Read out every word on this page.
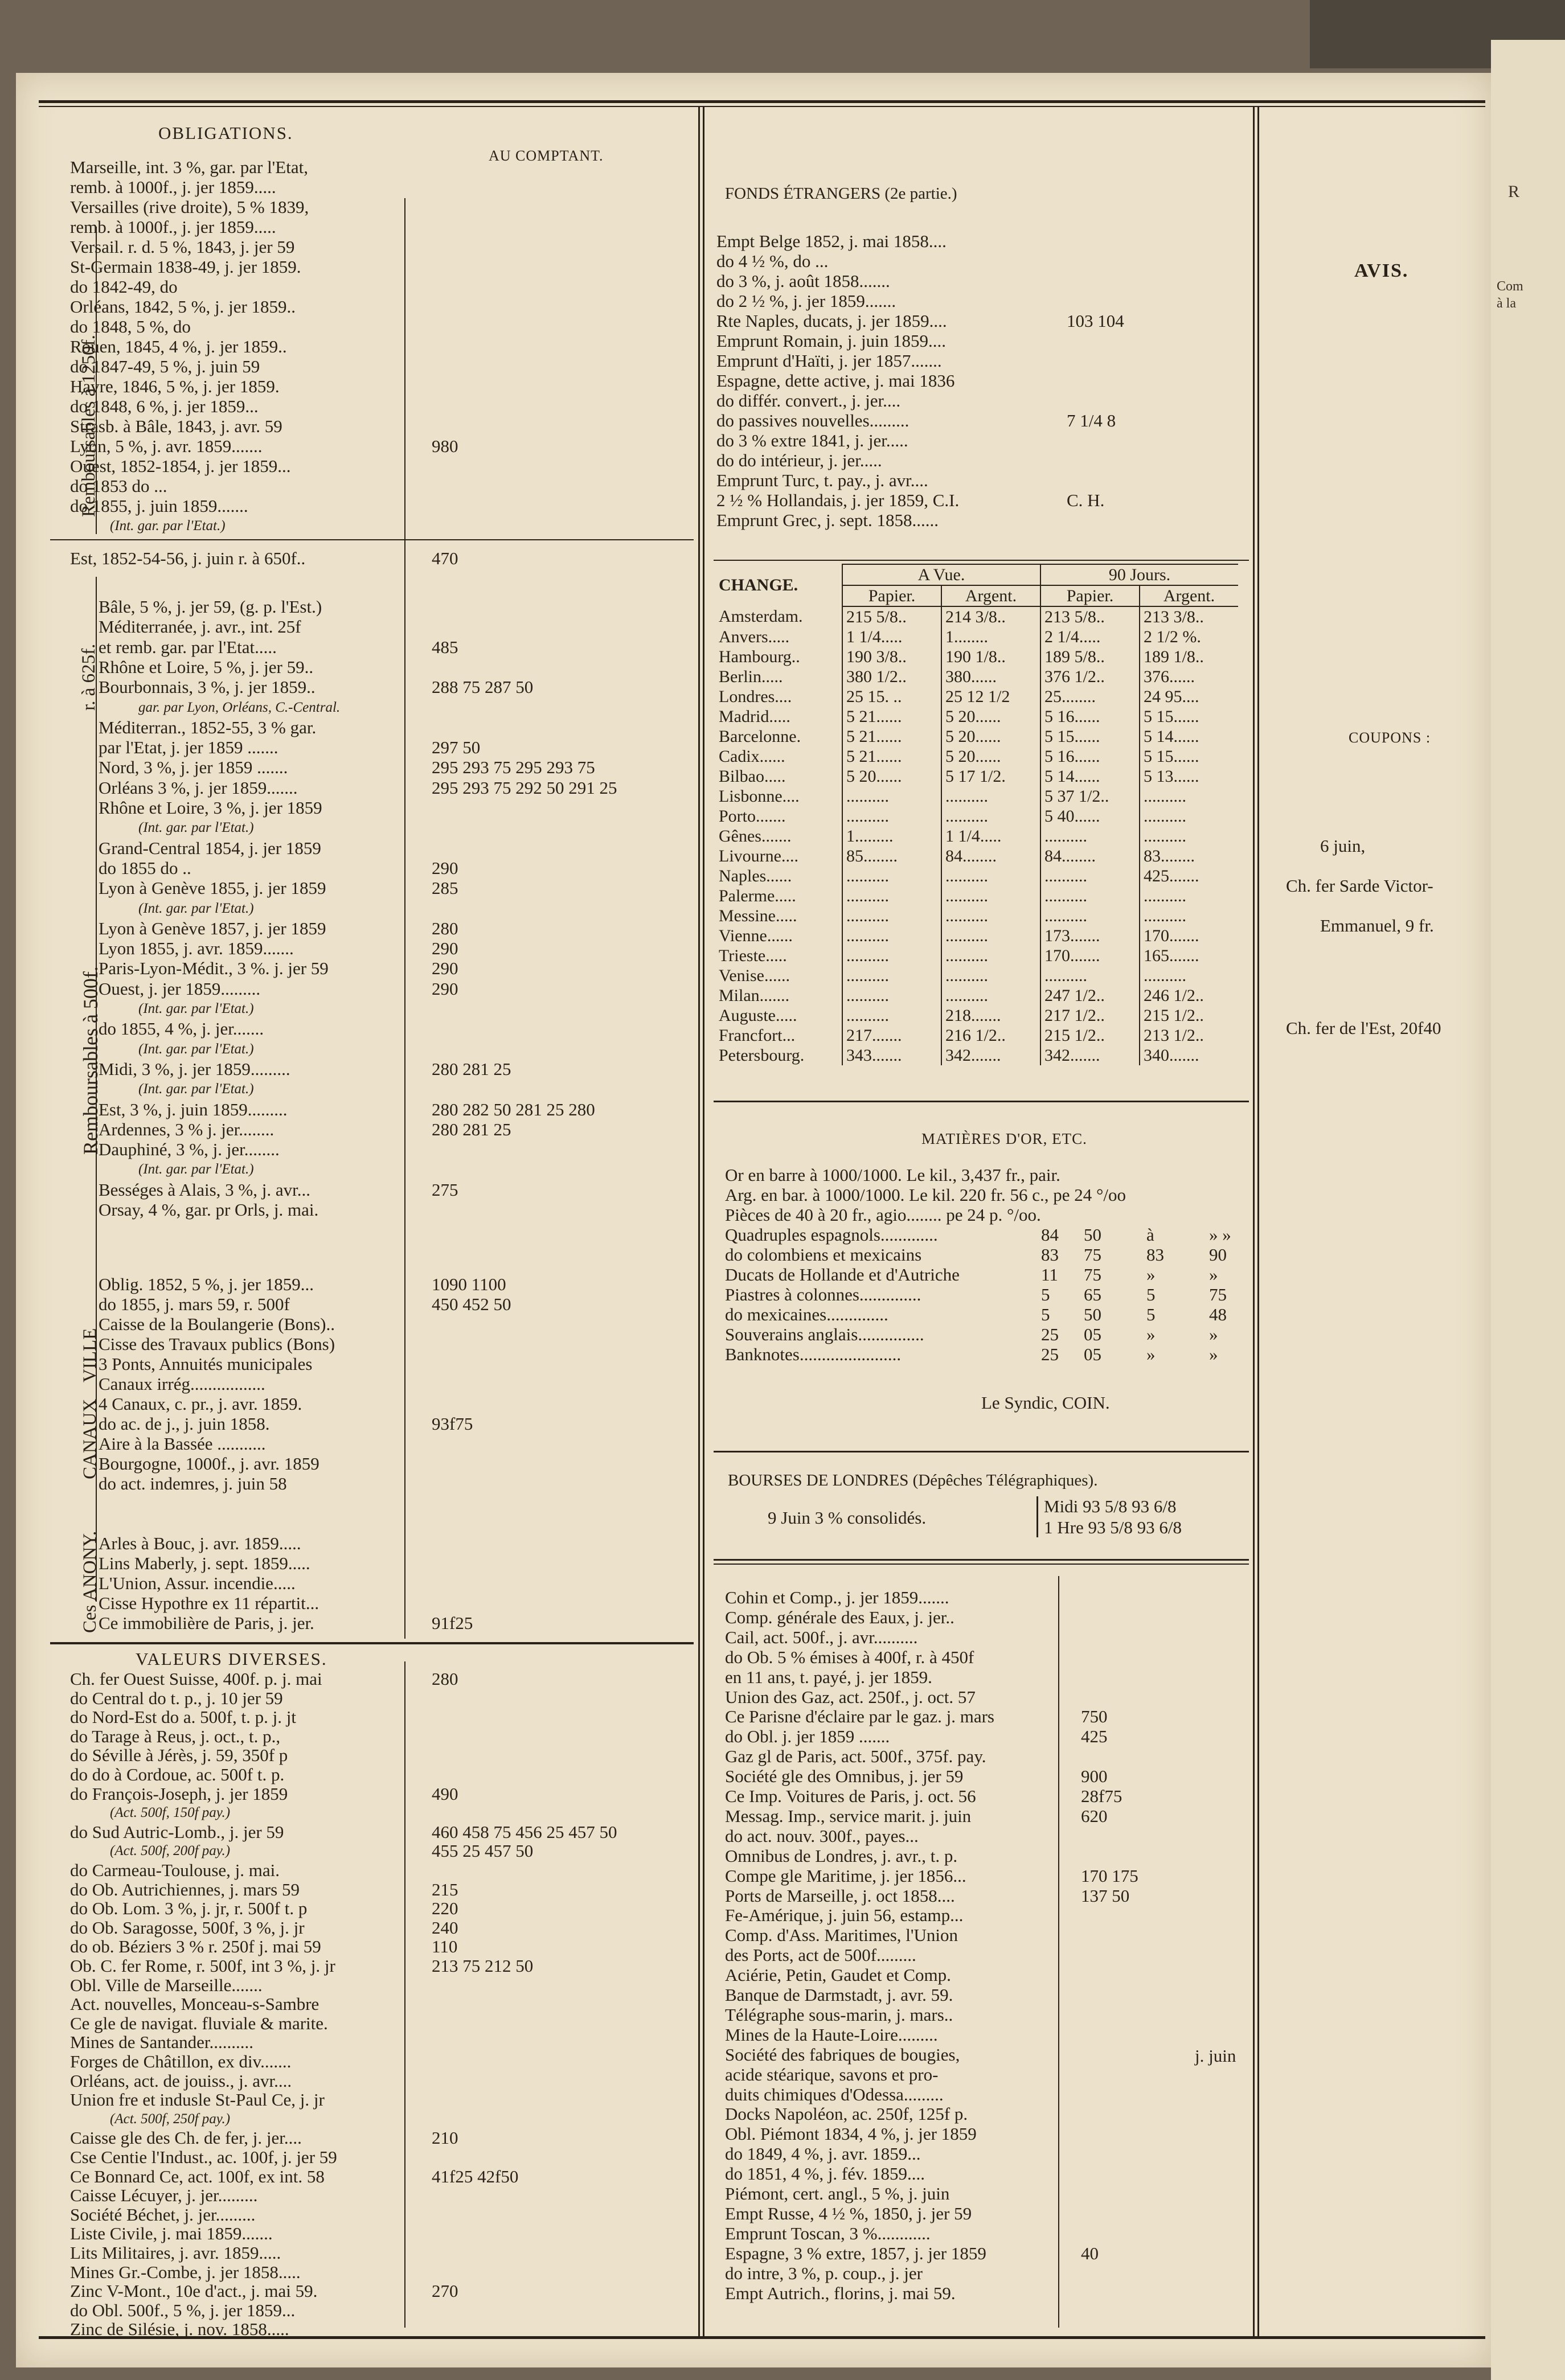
R
Com
à la
OBLIGATIONS.
AU COMPTANT.
Remboursables à 1250f.
Marseille, int. 3 %, gar. par l'Etat,
remb. à 1000f., j. jer 1859.....
Versailles (rive droite), 5 % 1839,
remb. à 1000f., j. jer 1859.....
Versail. r. d. 5 %, 1843, j. jer 59
St-Germain 1838-49, j. jer 1859.
do 1842-49, do
Orléans, 1842, 5 %, j. jer 1859..
do 1848, 5 %, do
Rouen, 1845, 4 %, j. jer 1859..
do 1847-49, 5 %, j. juin 59
Havre, 1846, 5 %, j. jer 1859.
do 1848, 6 %, j. jer 1859...
Strasb. à Bâle, 1843, j. avr. 59
Lyon, 5 %, j. avr. 1859.......	980
Ouest, 1852-1854, j. jer 1859...
do 1853 do ...
do 1855, j. juin 1859.......
(Int. gar. par l'Etat.)
Est, 1852-54-56, j. juin r. à 650f..	470
r. à 625f.
Remboursables à 500f.
Bâle, 5 %, j. jer 59, (g. p. l'Est.)
Méditerranée, j. avr., int. 25f
et remb. gar. par l'Etat.....	485
Rhône et Loire, 5 %, j. jer 59..
Bourbonnais, 3 %, j. jer 1859..	288 75 287 50
gar. par Lyon, Orléans, C.-Central.
Méditerran., 1852-55, 3 % gar.
par l'Etat, j. jer 1859 .......	297 50
Nord, 3 %, j. jer 1859 .......	295 293 75 295 293 75
Orléans 3 %, j. jer 1859.......	295 293 75 292 50 291 25
Rhône et Loire, 3 %, j. jer 1859
(Int. gar. par l'Etat.)
Grand-Central 1854, j. jer 1859
do 1855 do ..	290
Lyon à Genève 1855, j. jer 1859	285
(Int. gar. par l'Etat.)
Lyon à Genève 1857, j. jer 1859	280
Lyon 1855, j. avr. 1859.......	290
Paris-Lyon-Médit., 3 %. j. jer 59	290
Ouest, j. jer 1859.........	290
(Int. gar. par l'Etat.)
do 1855, 4 %, j. jer.......
(Int. gar. par l'Etat.)
Midi, 3 %, j. jer 1859.........	280 281 25
(Int. gar. par l'Etat.)
Est, 3 %, j. juin 1859.........	280 282 50 281 25 280
Ardennes, 3 % j. jer........	280 281 25
Dauphiné, 3 %, j. jer........
(Int. gar. par l'Etat.)
Bességes à Alais, 3 %, j. avr...	275
Orsay, 4 %, gar. pr Orls, j. mai.
VILLE
Oblig. 1852, 5 %, j. jer 1859...	1090 1100
do 1855, j. mars 59, r. 500f	450 452 50
Caisse de la Boulangerie (Bons)..
Cisse des Travaux publics (Bons)
3 Ponts, Annuités municipales
CANAUX
Canaux irrég.................
4 Canaux, c. pr., j. avr. 1859.
do ac. de j., j. juin 1858.	93f75
Aire à la Bassée ...........
Bourgogne, 1000f., j. avr. 1859
do act. indemres, j. juin 58
Ces ANONY.
Arles à Bouc, j. avr. 1859.....
Lins Maberly, j. sept. 1859.....
L'Union, Assur. incendie.....
Cisse Hypothre ex 11 répartit...
Ce immobilière de Paris, j. jer.	91f25
VALEURS DIVERSES.
Ch. fer Ouest Suisse, 400f. p. j. mai	280
do Central do t. p., j. 10 jer 59
do Nord-Est do a. 500f, t. p. j. jt
do Tarage à Reus, j. oct., t. p.,
do Séville à Jérès, j. 59, 350f p
do do à Cordoue, ac. 500f t. p.
do François-Joseph, j. jer 1859	490
(Act. 500f, 150f pay.)
do Sud Autric-Lomb., j. jer 59	460 458 75 456 25 457 50
(Act. 500f, 200f pay.)	455 25 457 50
do Carmeau-Toulouse, j. mai.
do Ob. Autrichiennes, j. mars 59	215
do Ob. Lom. 3 %, j. jr, r. 500f t. p	220
do Ob. Saragosse, 500f, 3 %, j. jr	240
do ob. Béziers 3 % r. 250f j. mai 59	110
Ob. C. fer Rome, r. 500f, int 3 %, j. jr	213 75 212 50
Obl. Ville de Marseille.......
Act. nouvelles, Monceau-s-Sambre
Ce gle de navigat. fluviale & marite.
Mines de Santander..........
Forges de Châtillon, ex div.......
Orléans, act. de jouiss., j. avr....
Union fre et indusle St-Paul Ce, j. jr
(Act. 500f, 250f pay.)
Caisse gle des Ch. de fer, j. jer....	210
Cse Centie l'Indust., ac. 100f, j. jer 59
Ce Bonnard Ce, act. 100f, ex int. 58	41f25 42f50
Caisse Lécuyer, j. jer.........
Société Béchet, j. jer.........
Liste Civile, j. mai 1859.......
Lits Militaires, j. avr. 1859.....
Mines Gr.-Combe, j. jer 1858.....
Zinc V-Mont., 10e d'act., j. mai 59.	270
do Obl. 500f., 5 %, j. jer 1859...
Zinc de Silésie, j. nov. 1858.....
FONDS ÉTRANGERS (2e partie.)
Empt Belge 1852, j. mai 1858....
do 4 ½ %, do ...
do 3 %, j. août 1858.......
do 2 ½ %, j. jer 1859.......
Rte Naples, ducats, j. jer 1859....	103 104
Emprunt Romain, j. juin 1859....
Emprunt d'Haïti, j. jer 1857.......
Espagne, dette active, j. mai 1836
do différ. convert., j. jer....
do passives nouvelles.........	7 1/4 8
do 3 % extre 1841, j. jer.....
do do intérieur, j. jer.....
Emprunt Turc, t. pay., j. avr....
2 ½ % Hollandais, j. jer 1859, C.I.	C. H.
Emprunt Grec, j. sept. 1858......
CHANGE.	A Vue.		90 Jours.	
	Papier.	Argent.	Papier.	Argent.
Amsterdam.	215 5/8..	214 3/8..	213 5/8..	213 3/8..
Anvers.....	1 1/4.....	1........	2 1/4.....	2 1/2 %.
Hambourg..	190 3/8..	190 1/8..	189 5/8..	189 1/8..
Berlin.....	380 1/2..	380......	376 1/2..	376......
Londres....	25 15. ..	25 12 1/2	25........	24 95....
Madrid.....	5 21......	5 20......	5 16......	5 15......
Barcelonne.	5 21......	5 20......	5 15......	5 14......
Cadix......	5 21......	5 20......	5 16......	5 15......
Bilbao.....	5 20......	5 17 1/2.	5 14......	5 13......
Lisbonne....	..........	..........	5 37 1/2..	..........
Porto.......	..........	..........	5 40......	..........
Gênes.......	1.........	1 1/4.....	..........	..........
Livourne....	85........	84........	84........	83........
Naples......	..........	..........	..........	425.......
Palerme.....	..........	..........	..........	..........
Messine.....	..........	..........	..........	..........
Vienne......	..........	..........	173.......	170.......
Trieste.....	..........	..........	170.......	165.......
Venise......	..........	..........	..........	..........
Milan.......	..........	..........	247 1/2..	246 1/2..
Auguste.....	..........	218.......	217 1/2..	215 1/2..
Francfort...	217.......	216 1/2..	215 1/2..	213 1/2..
Petersbourg.	343.......	342.......	342.......	340.......
MATIÈRES D'OR, ETC.
Or en barre à 1000/1000. Le kil., 3,437 fr., pair.
Arg. en bar. à 1000/1000. Le kil. 220 fr. 56 c., pe 24 °/oo
Pièces de 40 à 20 fr., agio........ pe 24 p. °/oo.
Quadruples espagnols.............	84 50	à	» »
do colombiens et mexicains	83 75	83	90
Ducats de Hollande et d'Autriche	11 75	»	»
Piastres à colonnes..............	5 65	5	75
do mexicaines..............	5 50	5	48
Souverains anglais...............	25 05	»	»
Banknotes.......................	25 05	»	»
Le Syndic, COIN.
BOURSES DE LONDRES (Dépêches Télégraphiques).
9 Juin 3 % consolidés.
Midi 93 5/8 93 6/8
1 Hre 93 5/8 93 6/8
Cohin et Comp., j. jer 1859.......
Comp. générale des Eaux, j. jer..
Cail, act. 500f., j. avr..........
do Ob. 5 % émises à 400f, r. à 450f
en 11 ans, t. payé, j. jer 1859.
Union des Gaz, act. 250f., j. oct. 57
Ce Parisne d'éclaire par le gaz. j. mars	750
do Obl. j. jer 1859 .......	425
Gaz gl de Paris, act. 500f., 375f. pay.
Société gle des Omnibus, j. jer 59	900
Ce Imp. Voitures de Paris, j. oct. 56	28f75
Messag. Imp., service marit. j. juin	620
do act. nouv. 300f., payes...
Omnibus de Londres, j. avr., t. p.
Compe gle Maritime, j. jer 1856...	170 175
Ports de Marseille, j. oct 1858....	137 50
Fe-Amérique, j. juin 56, estamp...
Comp. d'Ass. Maritimes, l'Union
des Ports, act de 500f.........
Aciérie, Petin, Gaudet et Comp.
Banque de Darmstadt, j. avr. 59.
Télégraphe sous-marin, j. mars..
Mines de la Haute-Loire.........
Société des fabriques de bougies,
acide stéarique, savons et pro-
duits chimiques d'Odessa.........
Docks Napoléon, ac. 250f, 125f p.
Obl. Piémont 1834, 4 %, j. jer 1859
do 1849, 4 %, j. avr. 1859...
do 1851, 4 %, j. fév. 1859....
Piémont, cert. angl., 5 %, j. juin
Empt Russe, 4 ½ %, 1850, j. jer 59
Emprunt Toscan, 3 %............
Espagne, 3 % extre, 1857, j. jer 1859	40
do intre, 3 %, p. coup., j. jer
Empt Autrich., florins, j. mai 59.
j. juin
AVIS.
COUPONS :
6 juin,
Ch. fer Sarde Victor-
Emmanuel, 9 fr.
Ch. fer de l'Est, 20f40
